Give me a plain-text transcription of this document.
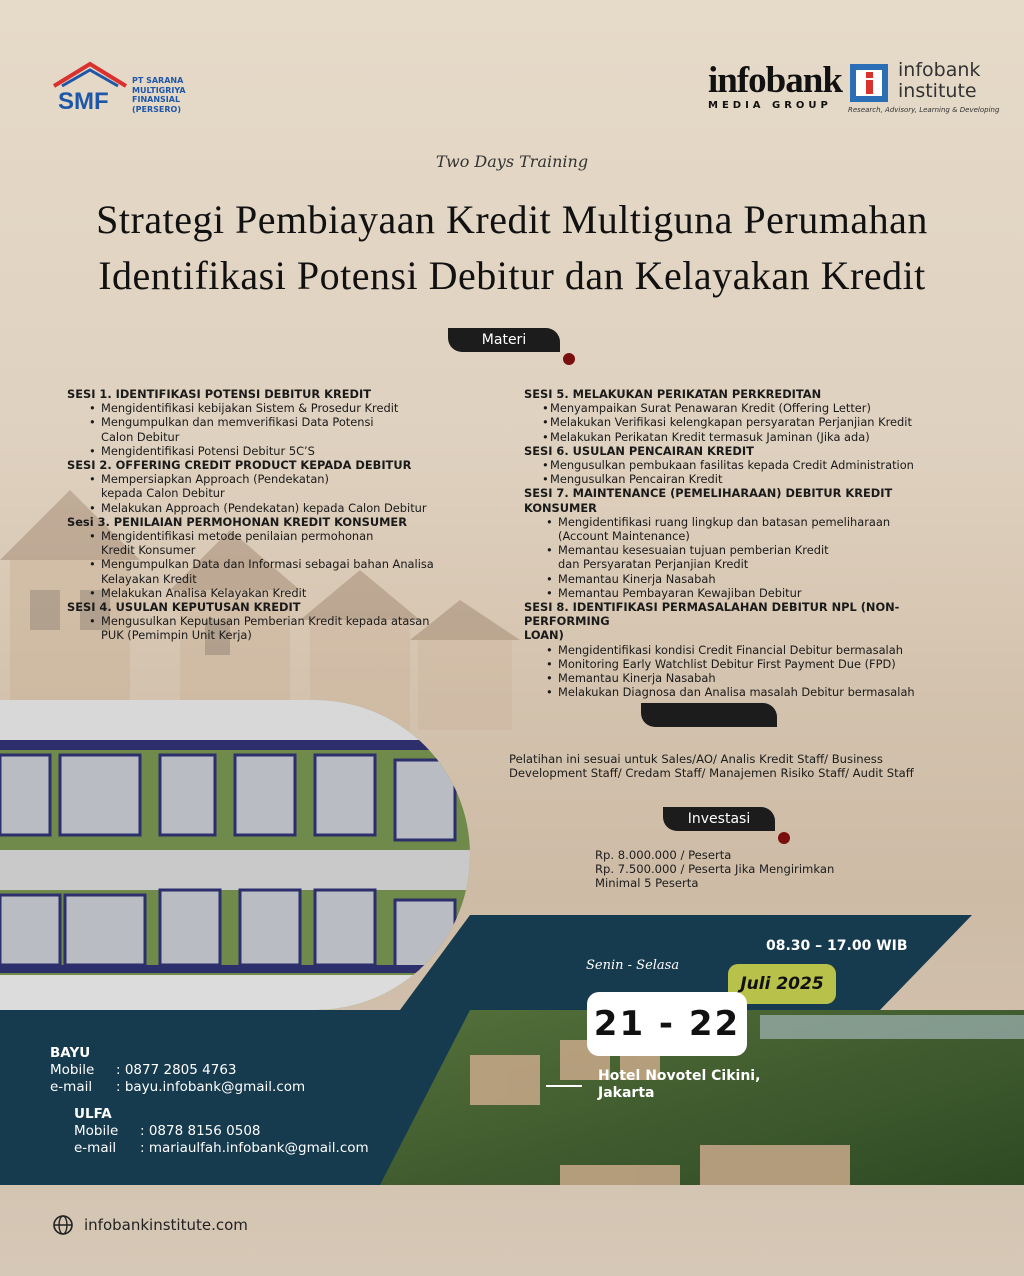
SMF
PT SARANA
MULTIGRIYA
FINANSIAL
(PERSERO)
infobank
MEDIA GROUP
infobank
institute
Research, Advisory, Learning & Developing
Two Days Training
Strategi Pembiayaan Kredit Multiguna Perumahan
Identifikasi Potensi Debitur dan Kelayakan Kredit
Materi
SESI 1. IDENTIFIKASI POTENSI DEBITUR KREDIT
• Mengidentifikasi kebijakan Sistem & Prosedur Kredit
• Mengumpulkan dan memverifikasi Data Potensi
Calon Debitur
• Mengidentifikasi Potensi Debitur 5C’S
SESI 2. OFFERING CREDIT PRODUCT KEPADA DEBITUR
• Mempersiapkan Approach (Pendekatan)
kepada Calon Debitur
• Melakukan Approach (Pendekatan) kepada Calon Debitur
Sesi 3. PENILAIAN PERMOHONAN KREDIT KONSUMER
• Mengidentifikasi metode penilaian permohonan
Kredit Konsumer
• Mengumpulkan Data dan Informasi sebagai bahan Analisa
Kelayakan Kredit
• Melakukan Analisa Kelayakan Kredit
SESI 4. USULAN KEPUTUSAN KREDIT
• Mengusulkan Keputusan Pemberian Kredit kepada atasan
PUK (Pemimpin Unit Kerja)
SESI 5. MELAKUKAN PERIKATAN PERKREDITAN
• Menyampaikan Surat Penawaran Kredit (Offering Letter)
• Melakukan Verifikasi kelengkapan persyaratan Perjanjian Kredit
• Melakukan Perikatan Kredit termasuk Jaminan (Jika ada)
SESI 6. USULAN PENCAIRAN KREDIT
• Mengusulkan pembukaan fasilitas kepada Credit Administration
• Mengusulkan Pencairan Kredit
SESI 7. MAINTENANCE (PEMELIHARAAN) DEBITUR KREDIT KONSUMER
• Mengidentifikasi ruang lingkup dan batasan pemeliharaan
(Account Maintenance)
• Memantau kesesuaian tujuan pemberian Kredit
dan Persyaratan Perjanjian Kredit
• Memantau Kinerja Nasabah
• Memantau Pembayaran Kewajiban Debitur
SESI 8. IDENTIFIKASI PERMASALAHAN DEBITUR NPL (NON-PERFORMING
LOAN)
• Mengidentifikasi kondisi Credit Financial Debitur bermasalah
• Monitoring Early Watchlist Debitur First Payment Due (FPD)
• Memantau Kinerja Nasabah
• Melakukan Diagnosa dan Analisa masalah Debitur bermasalah
Pelatihan ini sesuai untuk Sales/AO/ Analis Kredit Staff/ Business
Development Staff/ Credam Staff/ Manajemen Risiko Staff/ Audit Staff
Investasi
Rp. 8.000.000 / Peserta
Rp. 7.500.000 / Peserta Jika Mengirimkan
Minimal 5 Peserta
08.30 – 17.00 WIB
Senin - Selasa
Juli 2025
21 - 22
Hotel Novotel Cikini,
Jakarta
BAYU
Mobile	: 0877 2805 4763
e-mail	: bayu.infobank@gmail.com
ULFA
Mobile	: 0878 8156 0508
e-mail	: mariaulfah.infobank@gmail.com
infobankinstitute.com
